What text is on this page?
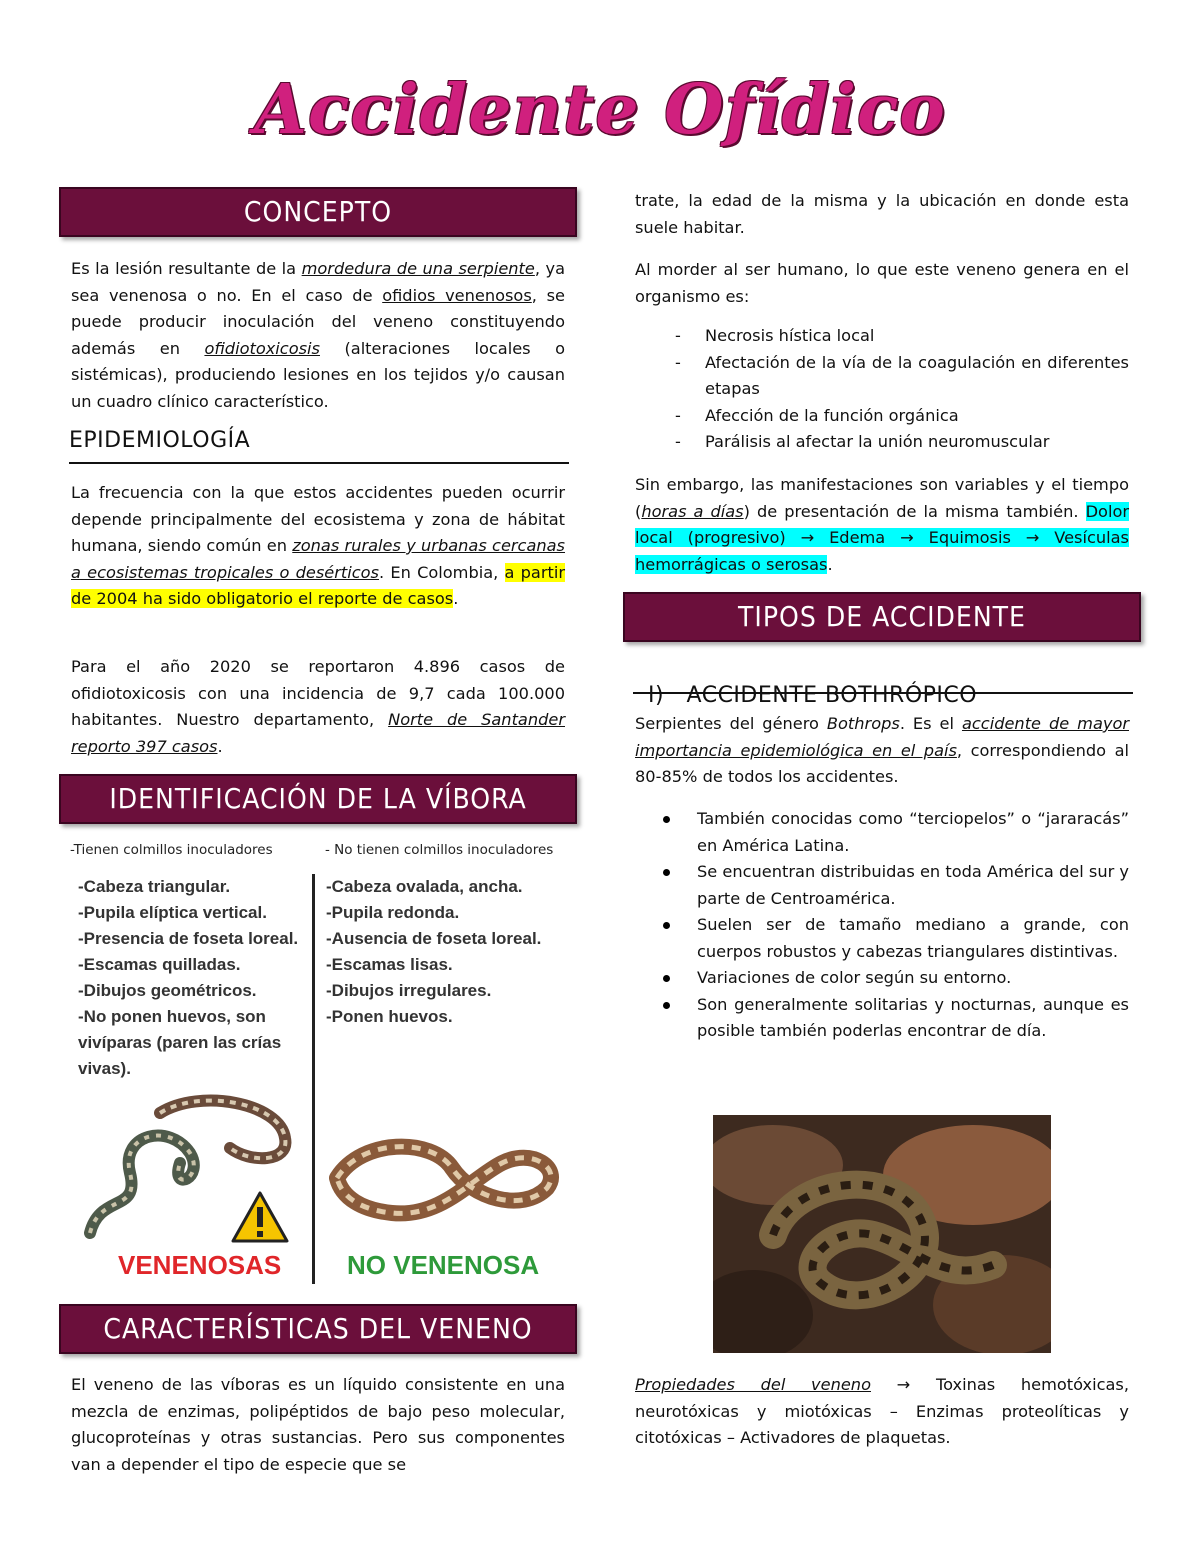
Accidente Ofídico
CONCEPTO

Es la lesión resultante de la mordedura de una serpiente, ya sea venenosa o no. En el caso de ofidios venenosos, se puede producir inoculación del veneno constituyendo además en ofidiotoxicosis (alteraciones locales o sistémicas), produciendo lesiones en los tejidos y/o causan un cuadro clínico característico.

EPIDEMIOLOGÍA

La frecuencia con la que estos accidentes pueden ocurrir depende principalmente del ecosistema y zona de hábitat humana, siendo común en zonas rurales y urbanas cercanas a ecosistemas tropicales o desérticos. En Colombia, a partir de 2004 ha sido obligatorio el reporte de casos.

Para el año 2020 se reportaron 4.896 casos de ofidiotoxicosis con una incidencia de 9,7 cada 100.000 habitantes. Nuestro departamento, Norte de Santander reporto 397 casos.

IDENTIFICACIÓN DE LA VÍBORA
-Tienen colmillos inoculadores	- No tienen colmillos inoculadores
-Cabeza triangular.
-Pupila elíptica vertical.
-Presencia de foseta loreal.
-Escamas quilladas.
-Dibujos geométricos.
-No ponen huevos, son vivíparas (paren las crías vivas).
-Cabeza ovalada, ancha.
-Pupila redonda.
-Ausencia de foseta loreal.
-Escamas lisas.
-Dibujos irregulares.
-Ponen huevos.
VENENOSAS	NO VENENOSA
CARACTERÍSTICAS DEL VENENO

El veneno de las víboras es un líquido consistente en una mezcla de enzimas, polipéptidos de bajo peso molecular, glucoproteínas y otras sustancias. Pero sus componentes van a depender el tipo de especie que se

trate, la edad de la misma y la ubicación en donde esta suele habitar.

Al morder al ser humano, lo que este veneno genera en el organismo es:

- Necrosis hística local
- Afectación de la vía de la coagulación en diferentes etapas
- Afección de la función orgánica
- Parálisis al afectar la unión neuromuscular

Sin embargo, las manifestaciones son variables y el tiempo (horas a días) de presentación de la misma también. Dolor local (progresivo) → Edema → Equimosis → Vesículas hemorrágicas o serosas.

TIPOS DE ACCIDENTE

I)   ACCIDENTE BOTHRÓPICO

Serpientes del género Bothrops. Es el accidente de mayor importancia epidemiológica en el país, correspondiendo al 80-85% de todos los accidentes.

También conocidas como “terciopelos” o “jararacás” en América Latina.
Se encuentran distribuidas en toda América del sur y parte de Centroamérica.
Suelen ser de tamaño mediano a grande, con cuerpos robustos y cabezas triangulares distintivas.
Variaciones de color según su entorno.
Son generalmente solitarias y nocturnas, aunque es posible también poderlas encontrar de día.

Propiedades del veneno → Toxinas hemotóxicas, neurotóxicas y miotóxicas – Enzimas proteolíticas y citotóxicas – Activadores de plaquetas.
